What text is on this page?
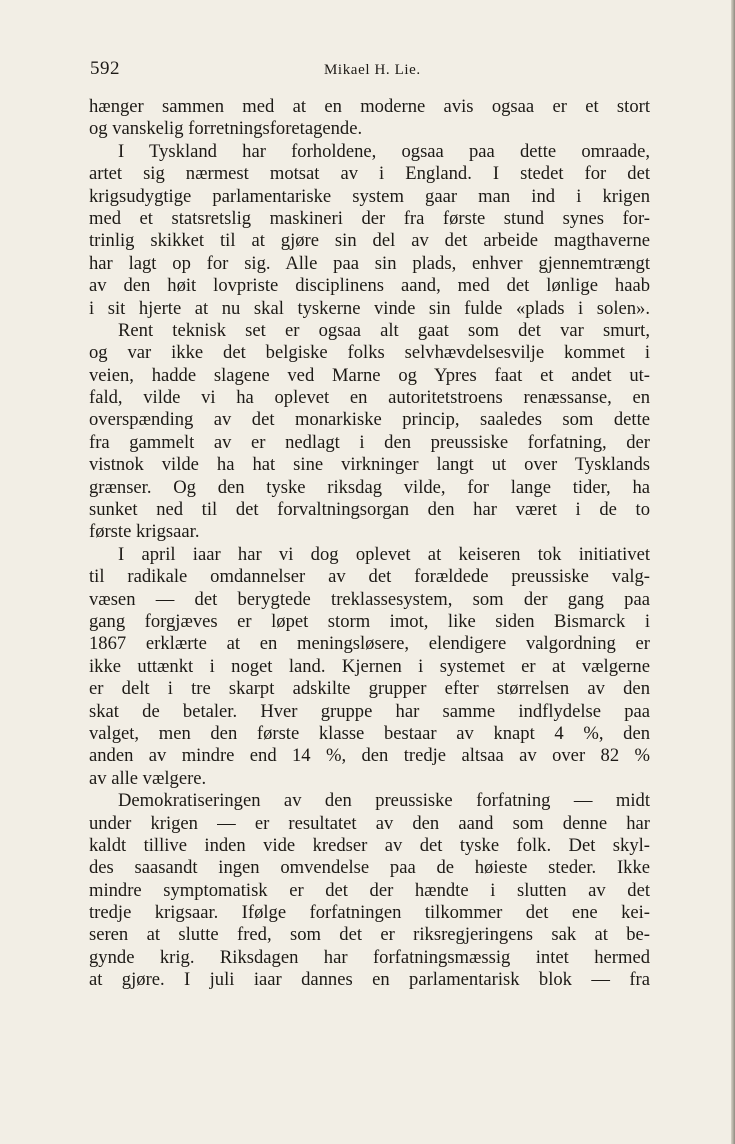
592	Mikael H. Lie.
hænger sammen med at en moderne avis ogsaa er et stort
og vanskelig forretningsforetagende.
I Tyskland har forholdene, ogsaa paa dette omraade,
artet sig nærmest motsat av i England. I stedet for det
krigsudygtige parlamentariske system gaar man ind i krigen
med et statsretslig maskineri der fra første stund synes for-
trinlig skikket til at gjøre sin del av det arbeide magthaverne
har lagt op for sig. Alle paa sin plads, enhver gjennemtrængt
av den høit lovpriste disciplinens aand, med det lønlige haab
i sit hjerte at nu skal tyskerne vinde sin fulde «plads i solen».
Rent teknisk set er ogsaa alt gaat som det var smurt,
og var ikke det belgiske folks selvhævdelsesvilje kommet i
veien, hadde slagene ved Marne og Ypres faat et andet ut-
fald, vilde vi ha oplevet en autoritetstroens renæssanse, en
overspænding av det monarkiske princip, saaledes som dette
fra gammelt av er nedlagt i den preussiske forfatning, der
vistnok vilde ha hat sine virkninger langt ut over Tysklands
grænser. Og den tyske riksdag vilde, for lange tider, ha
sunket ned til det forvaltningsorgan den har været i de to
første krigsaar.
I april iaar har vi dog oplevet at keiseren tok initiativet
til radikale omdannelser av det forældede preussiske valg-
væsen — det berygtede treklassesystem, som der gang paa
gang forgjæves er løpet storm imot, like siden Bismarck i
1867 erklærte at en meningsløsere, elendigere valgordning er
ikke uttænkt i noget land. Kjernen i systemet er at vælgerne
er delt i tre skarpt adskilte grupper efter størrelsen av den
skat de betaler. Hver gruppe har samme indflydelse paa
valget, men den første klasse bestaar av knapt 4 %, den
anden av mindre end 14 %, den tredje altsaa av over 82 %
av alle vælgere.
Demokratiseringen av den preussiske forfatning — midt
under krigen — er resultatet av den aand som denne har
kaldt tillive inden vide kredser av det tyske folk. Det skyl-
des saasandt ingen omvendelse paa de høieste steder. Ikke
mindre symptomatisk er det der hændte i slutten av det
tredje krigsaar. Ifølge forfatningen tilkommer det ene kei-
seren at slutte fred, som det er riksregjeringens sak at be-
gynde krig. Riksdagen har forfatningsmæssig intet hermed
at gjøre. I juli iaar dannes en parlamentarisk blok — fra
